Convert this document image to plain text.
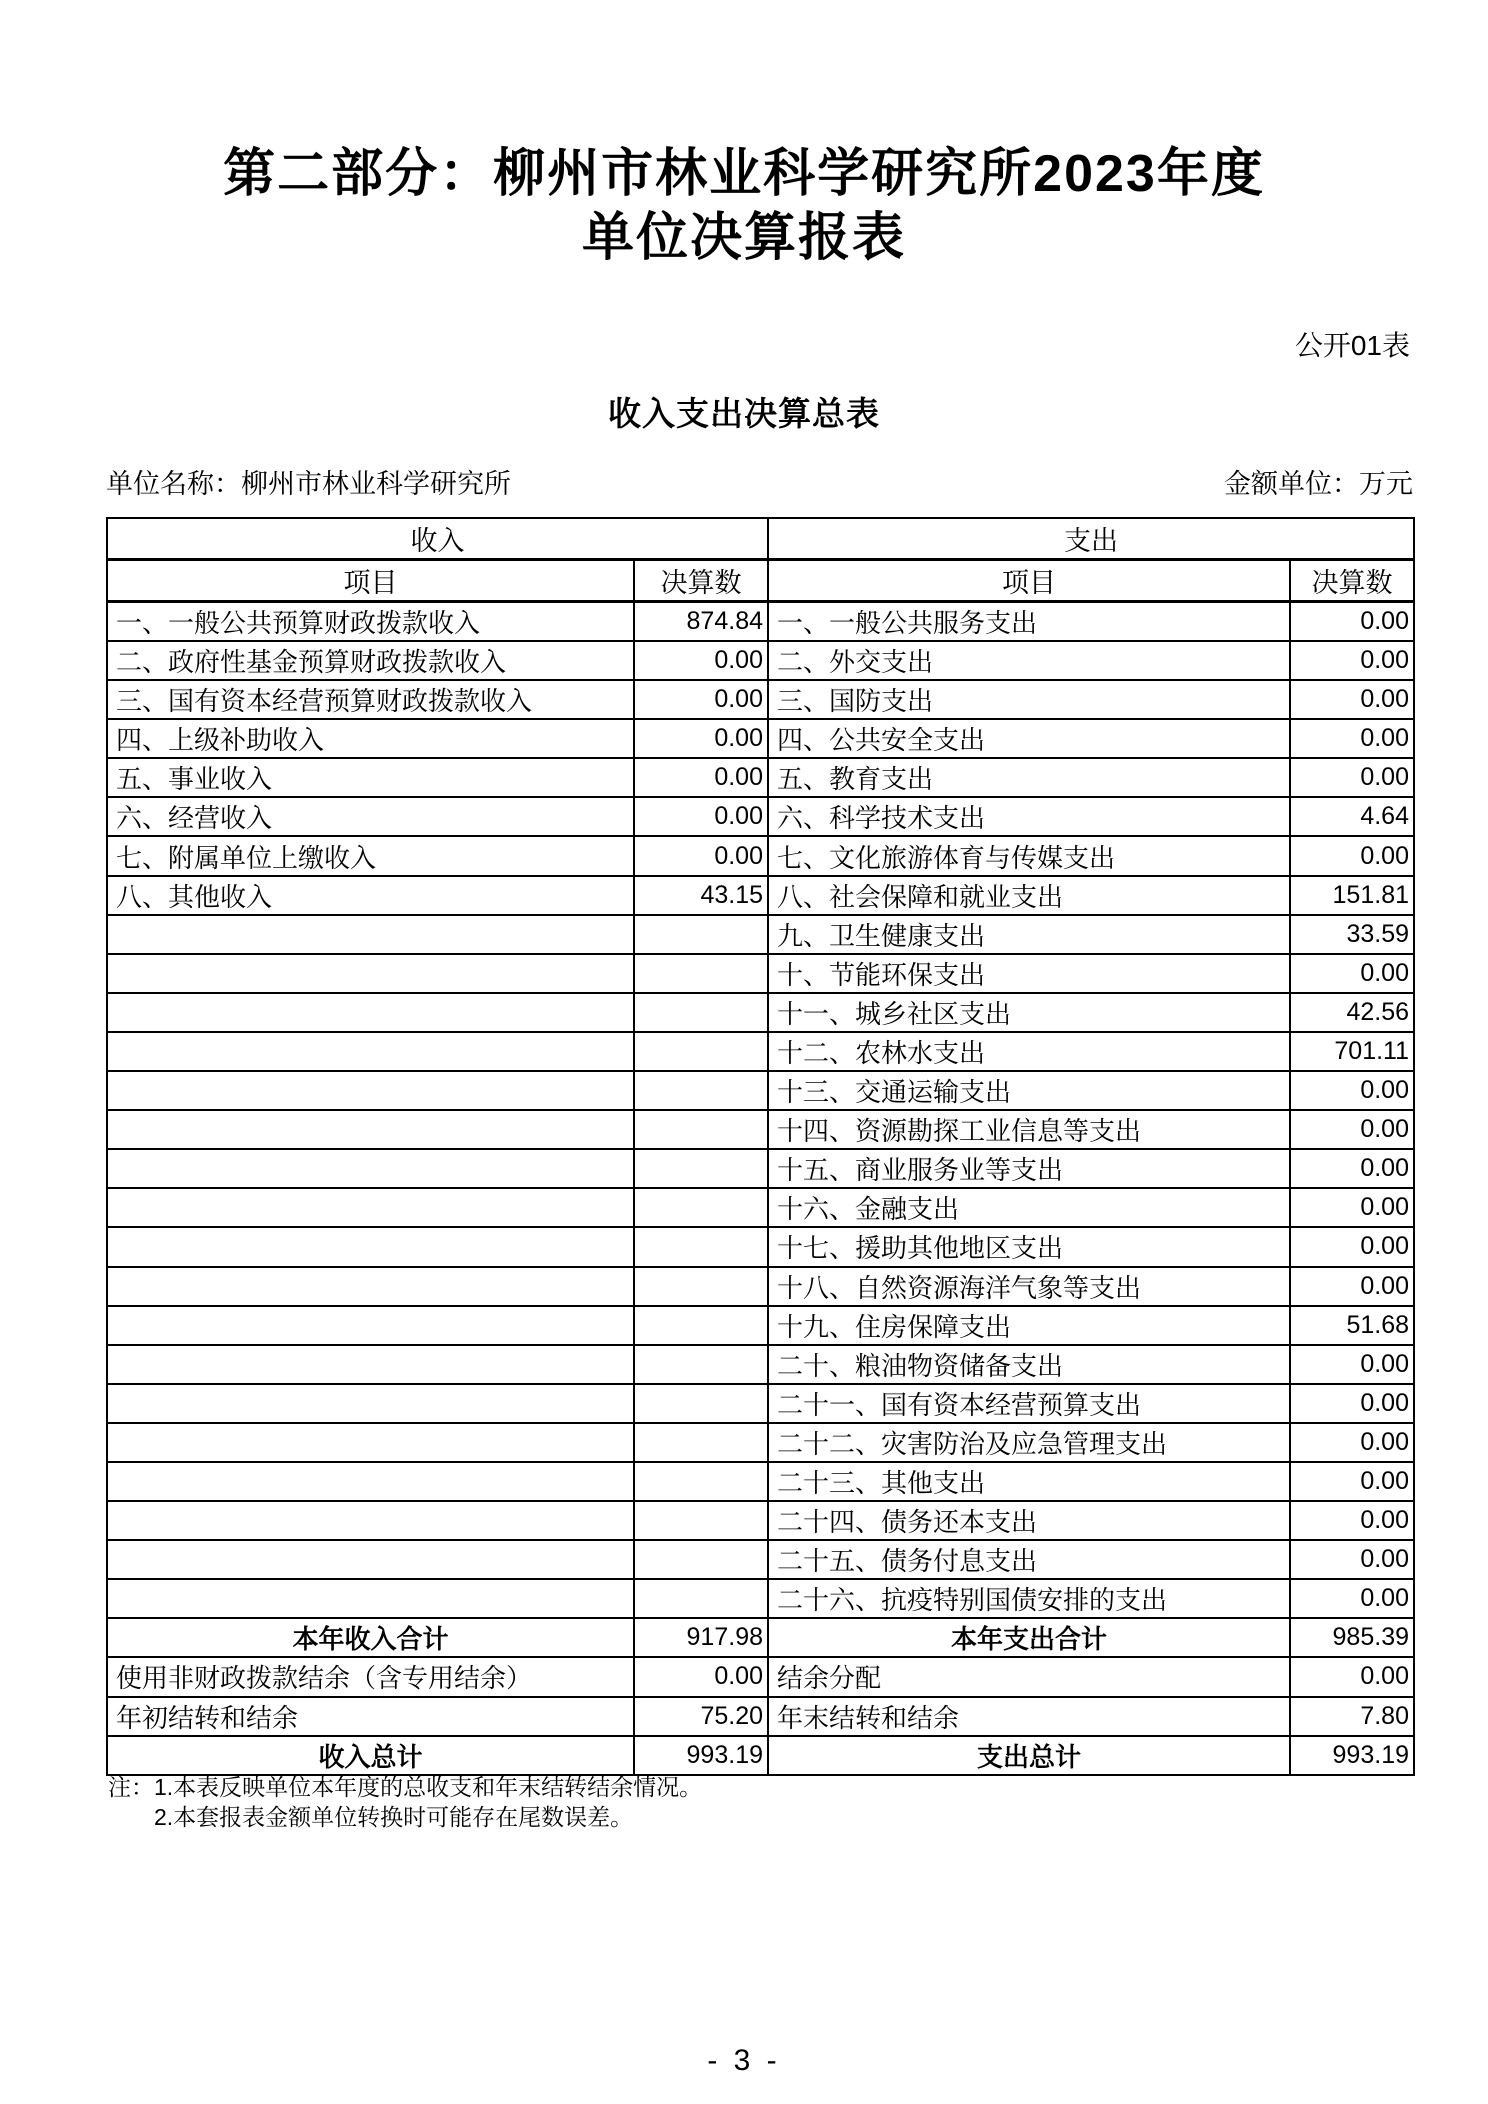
第二部分：柳州市林业科学研究所2023年度
单位决算报表
公开01表
收入支出决算总表
单位名称：柳州市林业科学研究所	金额单位：万元
收入		支出	
项目	决算数	项目	决算数
一、一般公共预算财政拨款收入	874.84	一、一般公共服务支出	0.00
二、政府性基金预算财政拨款收入	0.00	二、外交支出	0.00
三、国有资本经营预算财政拨款收入	0.00	三、国防支出	0.00
四、上级补助收入	0.00	四、公共安全支出	0.00
五、事业收入	0.00	五、教育支出	0.00
六、经营收入	0.00	六、科学技术支出	4.64
七、附属单位上缴收入	0.00	七、文化旅游体育与传媒支出	0.00
八、其他收入	43.15	八、社会保障和就业支出	151.81
		九、卫生健康支出	33.59
		十、节能环保支出	0.00
		十一、城乡社区支出	42.56
		十二、农林水支出	701.11
		十三、交通运输支出	0.00
		十四、资源勘探工业信息等支出	0.00
		十五、商业服务业等支出	0.00
		十六、金融支出	0.00
		十七、援助其他地区支出	0.00
		十八、自然资源海洋气象等支出	0.00
		十九、住房保障支出	51.68
		二十、粮油物资储备支出	0.00
		二十一、国有资本经营预算支出	0.00
		二十二、灾害防治及应急管理支出	0.00
		二十三、其他支出	0.00
		二十四、债务还本支出	0.00
		二十五、债务付息支出	0.00
		二十六、抗疫特别国债安排的支出	0.00
本年收入合计	917.98	本年支出合计	985.39
使用非财政拨款结余（含专用结余）	0.00	结余分配	0.00
年初结转和结余	75.20	年末结转和结余	7.80
收入总计	993.19	支出总计	993.19
注：1.本表反映单位本年度的总收支和年末结转结余情况。
2.本套报表金额单位转换时可能存在尾数误差。
- 3 -
